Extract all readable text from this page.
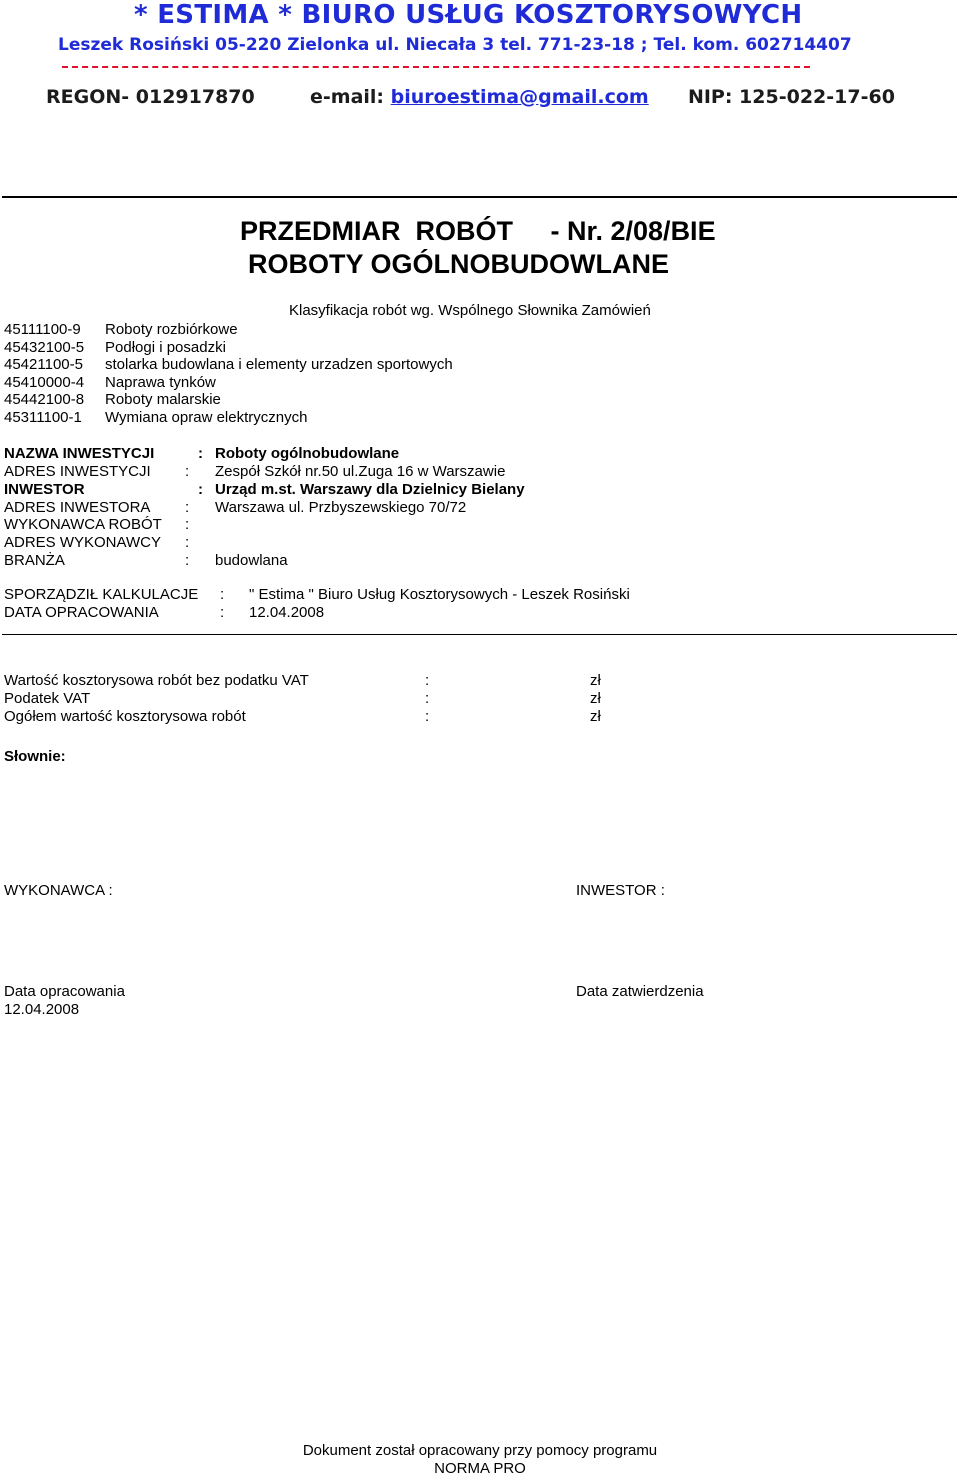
* ESTIMA * BIURO USŁUG KOSZTORYSOWYCH
Leszek Rosiński 05-220 Zielonka ul. Niecała 3 tel. 771-23-18 ; Tel. kom. 602714407
REGON- 012917870	e-mail: biuroestima@gmail.com NIP: 125-022-17-60
PRZEDMIAR  ROBÓT     - Nr. 2/08/BIE
ROBOTY OGÓLNOBUDOWLANE
Klasyfikacja robót wg. Wspólnego Słownika Zamówień
45111100-9 Roboty rozbiórkowe
45432100-5 Podłogi i posadzki
45421100-5 stolarka budowlana i elementy urzadzen sportowych
45410000-4 Naprawa tynków
45442100-8 Roboty malarskie
45311100-1 Wymiana opraw elektrycznych
NAZWA INWESTYCJI	: Roboty ogólnobudowlane
ADRES INWESTYCJI : Zespół Szkół nr.50 ul.Zuga 16 w Warszawie
INWESTOR	: Urząd m.st. Warszawy dla Dzielnicy Bielany
ADRES INWESTORA : Warszawa ul. Przbyszewskiego 70/72
WYKONAWCA ROBÓT :
ADRES WYKONAWCY :
BRANŻA	: budowlana
SPORZĄDZIŁ KALKULACJE : " Estima " Biuro Usług Kosztorysowych - Leszek Rosiński
DATA OPRACOWANIA	: 12.04.2008
Wartość kosztorysowa robót bez podatku VAT	:	zł
Podatek VAT	:	zł
Ogółem wartość kosztorysowa robót	:	zł
Słownie:
WYKONAWCA :	INWESTOR :
Data opracowania
12.04.2008
Data zatwierdzenia
Dokument został opracowany przy pomocy programu
NORMA PRO
